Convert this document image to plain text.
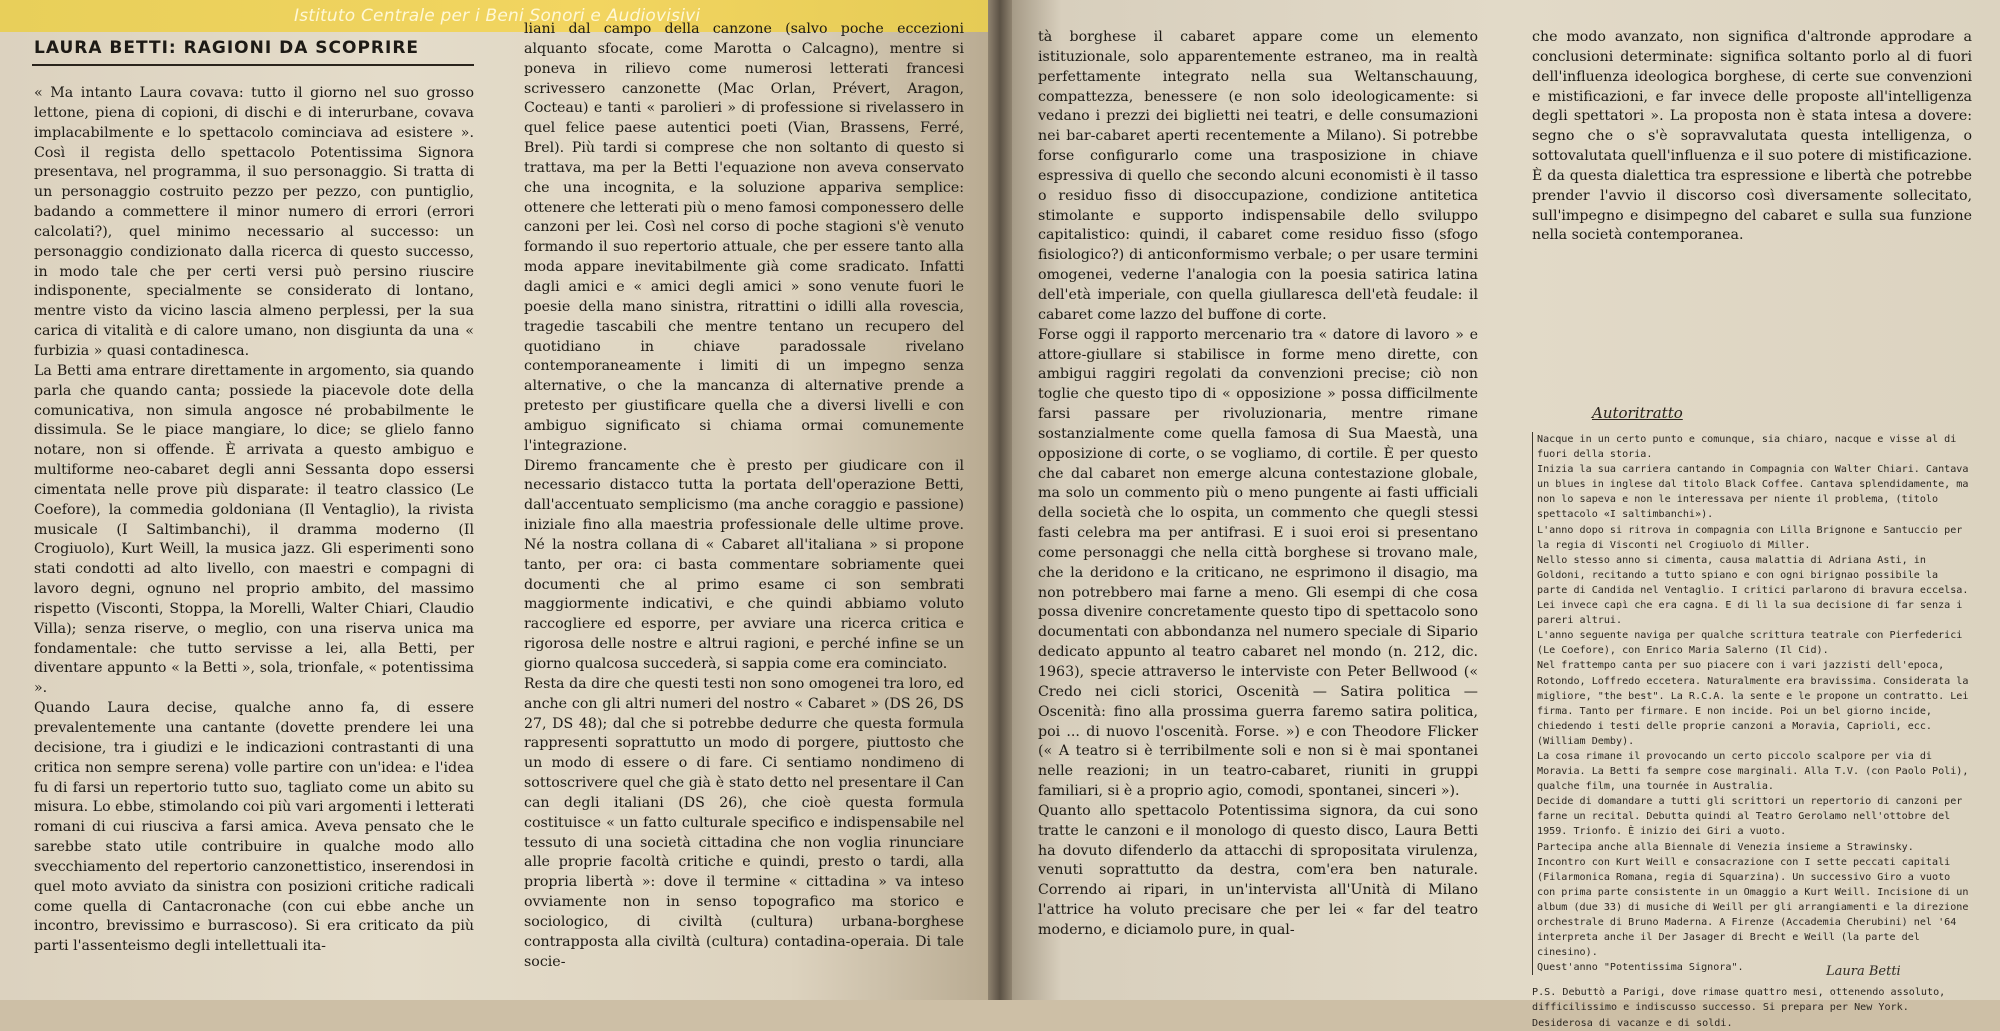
Istituto Centrale per i Beni Sonori e Audiovisivi
LAURA BETTI: RAGIONI DA SCOPRIRE

« Ma intanto Laura covava: tutto il giorno nel suo grosso lettone, piena di copioni, di dischi e di interurbane, covava implacabilmente e lo spettacolo cominciava ad esistere ». Così il regista dello spettacolo Potentissima Signora presentava, nel programma, il suo personaggio. Si tratta di un personaggio costruito pezzo per pezzo, con puntiglio, badando a commettere il minor numero di errori (errori calcolati?), quel minimo necessario al successo: un personaggio condizionato dalla ricerca di questo successo, in modo tale che per certi versi può persino riuscire indisponente, specialmente se considerato di lontano, mentre visto da vicino lascia almeno perplessi, per la sua carica di vitalità e di calore umano, non disgiunta da una « furbizia » quasi contadinesca.

La Betti ama entrare direttamente in argomento, sia quando parla che quando canta; possiede la piacevole dote della comunicativa, non simula angosce né probabilmente le dissimula. Se le piace mangiare, lo dice; se glielo fanno notare, non si offende. È arrivata a questo ambiguo e multiforme neo-cabaret degli anni Sessanta dopo essersi cimentata nelle prove più disparate: il teatro classico (Le Coefore), la commedia goldoniana (Il Ventaglio), la rivista musicale (I Saltimbanchi), il dramma moderno (Il Crogiuolo), Kurt Weill, la musica jazz. Gli esperimenti sono stati condotti ad alto livello, con maestri e compagni di lavoro degni, ognuno nel proprio ambito, del massimo rispetto (Visconti, Stoppa, la Morelli, Walter Chiari, Claudio Villa); senza riserve, o meglio, con una riserva unica ma fondamentale: che tutto servisse a lei, alla Betti, per diventare appunto « la Betti », sola, trionfale, « potentissima ».

Quando Laura decise, qualche anno fa, di essere prevalentemente una cantante (dovette prendere lei una decisione, tra i giudizi e le indicazioni contrastanti di una critica non sempre serena) volle partire con un'idea: e l'idea fu di farsi un repertorio tutto suo, tagliato come un abito su misura. Lo ebbe, stimolando coi più vari argomenti i letterati romani di cui riusciva a farsi amica. Aveva pensato che le sarebbe stato utile contribuire in qualche modo allo svecchiamento del repertorio canzonettistico, inserendosi in quel moto avviato da sinistra con posizioni critiche radicali come quella di Cantacronache (con cui ebbe anche un incontro, brevissimo e burrascoso). Si era criticato da più parti l'assenteismo degli intellettuali ita-

liani dal campo della canzone (salvo poche eccezioni alquanto sfocate, come Marotta o Calcagno), mentre si poneva in rilievo come numerosi letterati francesi scrivessero canzonette (Mac Orlan, Prévert, Aragon, Cocteau) e tanti « parolieri » di professione si rivelassero in quel felice paese autentici poeti (Vian, Brassens, Ferré, Brel). Più tardi si comprese che non soltanto di questo si trattava, ma per la Betti l'equazione non aveva conservato che una incognita, e la soluzione appariva semplice: ottenere che letterati più o meno famosi componessero delle canzoni per lei. Così nel corso di poche stagioni s'è venuto formando il suo repertorio attuale, che per essere tanto alla moda appare inevitabilmente già come sradicato. Infatti dagli amici e « amici degli amici » sono venute fuori le poesie della mano sinistra, ritrattini o idilli alla rovescia, tragedie tascabili che mentre tentano un recupero del quotidiano in chiave paradossale rivelano contemporaneamente i limiti di un impegno senza alternative, o che la mancanza di alternative prende a pretesto per giustificare quella che a diversi livelli e con ambiguo significato si chiama ormai comunemente l'integrazione.

Diremo francamente che è presto per giudicare con il necessario distacco tutta la portata dell'operazione Betti, dall'accentuato semplicismo (ma anche coraggio e passione) iniziale fino alla maestria professionale delle ultime prove. Né la nostra collana di « Cabaret all'italiana » si propone tanto, per ora: ci basta commentare sobriamente quei documenti che al primo esame ci son sembrati maggiormente indicativi, e che quindi abbiamo voluto raccogliere ed esporre, per avviare una ricerca critica e rigorosa delle nostre e altrui ragioni, e perché infine se un giorno qualcosa succederà, si sappia come era cominciato.

Resta da dire che questi testi non sono omogenei tra loro, ed anche con gli altri numeri del nostro « Cabaret » (DS 26, DS 27, DS 48); dal che si potrebbe dedurre che questa formula rappresenti soprattutto un modo di porgere, piuttosto che un modo di essere o di fare. Ci sentiamo nondimeno di sottoscrivere quel che già è stato detto nel presentare il Can can degli italiani (DS 26), che cioè questa formula costituisce « un fatto culturale specifico e indispensabile nel tessuto di una società cittadina che non voglia rinunciare alle proprie facoltà critiche e quindi, presto o tardi, alla propria libertà »: dove il termine « cittadina » va inteso ovviamente non in senso topografico ma storico e sociologico, di civiltà (cultura) urbana-borghese contrapposta alla civiltà (cultura) contadina-operaia. Di tale socie-

tà borghese il cabaret appare come un elemento istituzionale, solo apparentemente estraneo, ma in realtà perfettamente integrato nella sua Weltanschauung, compattezza, benessere (e non solo ideologicamente: si vedano i prezzi dei biglietti nei teatri, e delle consumazioni nei bar-cabaret aperti recentemente a Milano). Si potrebbe forse configurarlo come una trasposizione in chiave espressiva di quello che secondo alcuni economisti è il tasso o residuo fisso di disoccupazione, condizione antitetica stimolante e supporto indispensabile dello sviluppo capitalistico: quindi, il cabaret come residuo fisso (sfogo fisiologico?) di anticonformismo verbale; o per usare termini omogenei, vederne l'analogia con la poesia satirica latina dell'età imperiale, con quella giullaresca dell'età feudale: il cabaret come lazzo del buffone di corte.

Forse oggi il rapporto mercenario tra « datore di lavoro » e attore-giullare si stabilisce in forme meno dirette, con ambigui raggiri regolati da convenzioni precise; ciò non toglie che questo tipo di « opposizione » possa difficilmente farsi passare per rivoluzionaria, mentre rimane sostanzialmente come quella famosa di Sua Maestà, una opposizione di corte, o se vogliamo, di cortile. È per questo che dal cabaret non emerge alcuna contestazione globale, ma solo un commento più o meno pungente ai fasti ufficiali della società che lo ospita, un commento che quegli stessi fasti celebra ma per antifrasi. E i suoi eroi si presentano come personaggi che nella città borghese si trovano male, che la deridono e la criticano, ne esprimono il disagio, ma non potrebbero mai farne a meno. Gli esempi di che cosa possa divenire concretamente questo tipo di spettacolo sono documentati con abbondanza nel numero speciale di Sipario dedicato appunto al teatro cabaret nel mondo (n. 212, dic. 1963), specie attraverso le interviste con Peter Bellwood (« Credo nei cicli storici, Oscenità — Satira politica — Oscenità: fino alla prossima guerra faremo satira politica, poi ... di nuovo l'oscenità. Forse. ») e con Theodore Flicker (« A teatro si è terribilmente soli e non si è mai spontanei nelle reazioni; in un teatro-cabaret, riuniti in gruppi familiari, si è a proprio agio, comodi, spontanei, sinceri »).

Quanto allo spettacolo Potentissima signora, da cui sono tratte le canzoni e il monologo di questo disco, Laura Betti ha dovuto difenderlo da attacchi di spropositata virulenza, venuti soprattutto da destra, com'era ben naturale. Correndo ai ripari, in un'intervista all'Unità di Milano l'attrice ha voluto precisare che per lei « far del teatro moderno, e diciamolo pure, in qual-

che modo avanzato, non significa d'altronde approdare a conclusioni determinate: significa soltanto porlo al di fuori dell'influenza ideologica borghese, di certe sue convenzioni e mistificazioni, e far invece delle proposte all'intelligenza degli spettatori ». La proposta non è stata intesa a dovere: segno che o s'è sopravvalutata questa intelligenza, o sottovalutata quell'influenza e il suo potere di mistificazione. È da questa dialettica tra espressione e libertà che potrebbe prender l'avvio il discorso così diversamente sollecitato, sull'impegno e disimpegno del cabaret e sulla sua funzione nella società contemporanea.

Autoritratto

Nacque in un certo punto e comunque, sia chiaro, nacque e visse al di fuori della storia.

Inizia la sua carriera cantando in Compagnia con Walter Chiari. Cantava un blues in inglese dal titolo Black Coffee. Cantava splendidamente, ma non lo sapeva e non le interessava per niente il problema, (titolo spettacolo «I saltimbanchi»).

L'anno dopo si ritrova in compagnia con Lilla Brignone e Santuccio per la regia di Visconti nel Crogiuolo di Miller.

Nello stesso anno si cimenta, causa malattia di Adriana Asti, in Goldoni, recitando a tutto spiano e con ogni birignao possibile la parte di Candida nel Ventaglio. I critici parlarono di bravura eccelsa. Lei invece capì che era cagna. E di lì la sua decisione di far senza i pareri altrui.

L'anno seguente naviga per qualche scrittura teatrale con Pierfederici (Le Coefore), con Enrico Maria Salerno (Il Cid).

Nel frattempo canta per suo piacere con i vari jazzisti dell'epoca, Rotondo, Loffredo eccetera. Naturalmente era bravissima. Considerata la migliore, "the best". La R.C.A. la sente e le propone un contratto. Lei firma. Tanto per firmare. E non incide. Poi un bel giorno incide, chiedendo i testi delle proprie canzoni a Moravia, Caprioli, ecc. (William Demby).

La cosa rimane il provocando un certo piccolo scalpore per via di Moravia. La Betti fa sempre cose marginali. Alla T.V. (con Paolo Poli), qualche film, una tournée in Australia.

Decide di domandare a tutti gli scrittori un repertorio di canzoni per farne un recital. Debutta quindi al Teatro Gerolamo nell'ottobre del 1959. Trionfo. È inizio dei Giri a vuoto.

Partecipa anche alla Biennale di Venezia insieme a Strawinsky.

Incontro con Kurt Weill e consacrazione con I sette peccati capitali (Filarmonica Romana, regia di Squarzina). Un successivo Giro a vuoto con prima parte consistente in un Omaggio a Kurt Weill. Incisione di un album (due 33) di musiche di Weill per gli arrangiamenti e la direzione orchestrale di Bruno Maderna. A Firenze (Accademia Cherubini) nel '64 interpreta anche il Der Jasager di Brecht e Weill (la parte del cinesino).

Quest'anno "Potentissima Signora".

P.S. Debuttò a Parigi, dove rimase quattro mesi, ottenendo assoluto, difficilissimo e indiscusso successo. Si prepara per New York. Desiderosa di vacanze e di soldi.

Laura Betti
